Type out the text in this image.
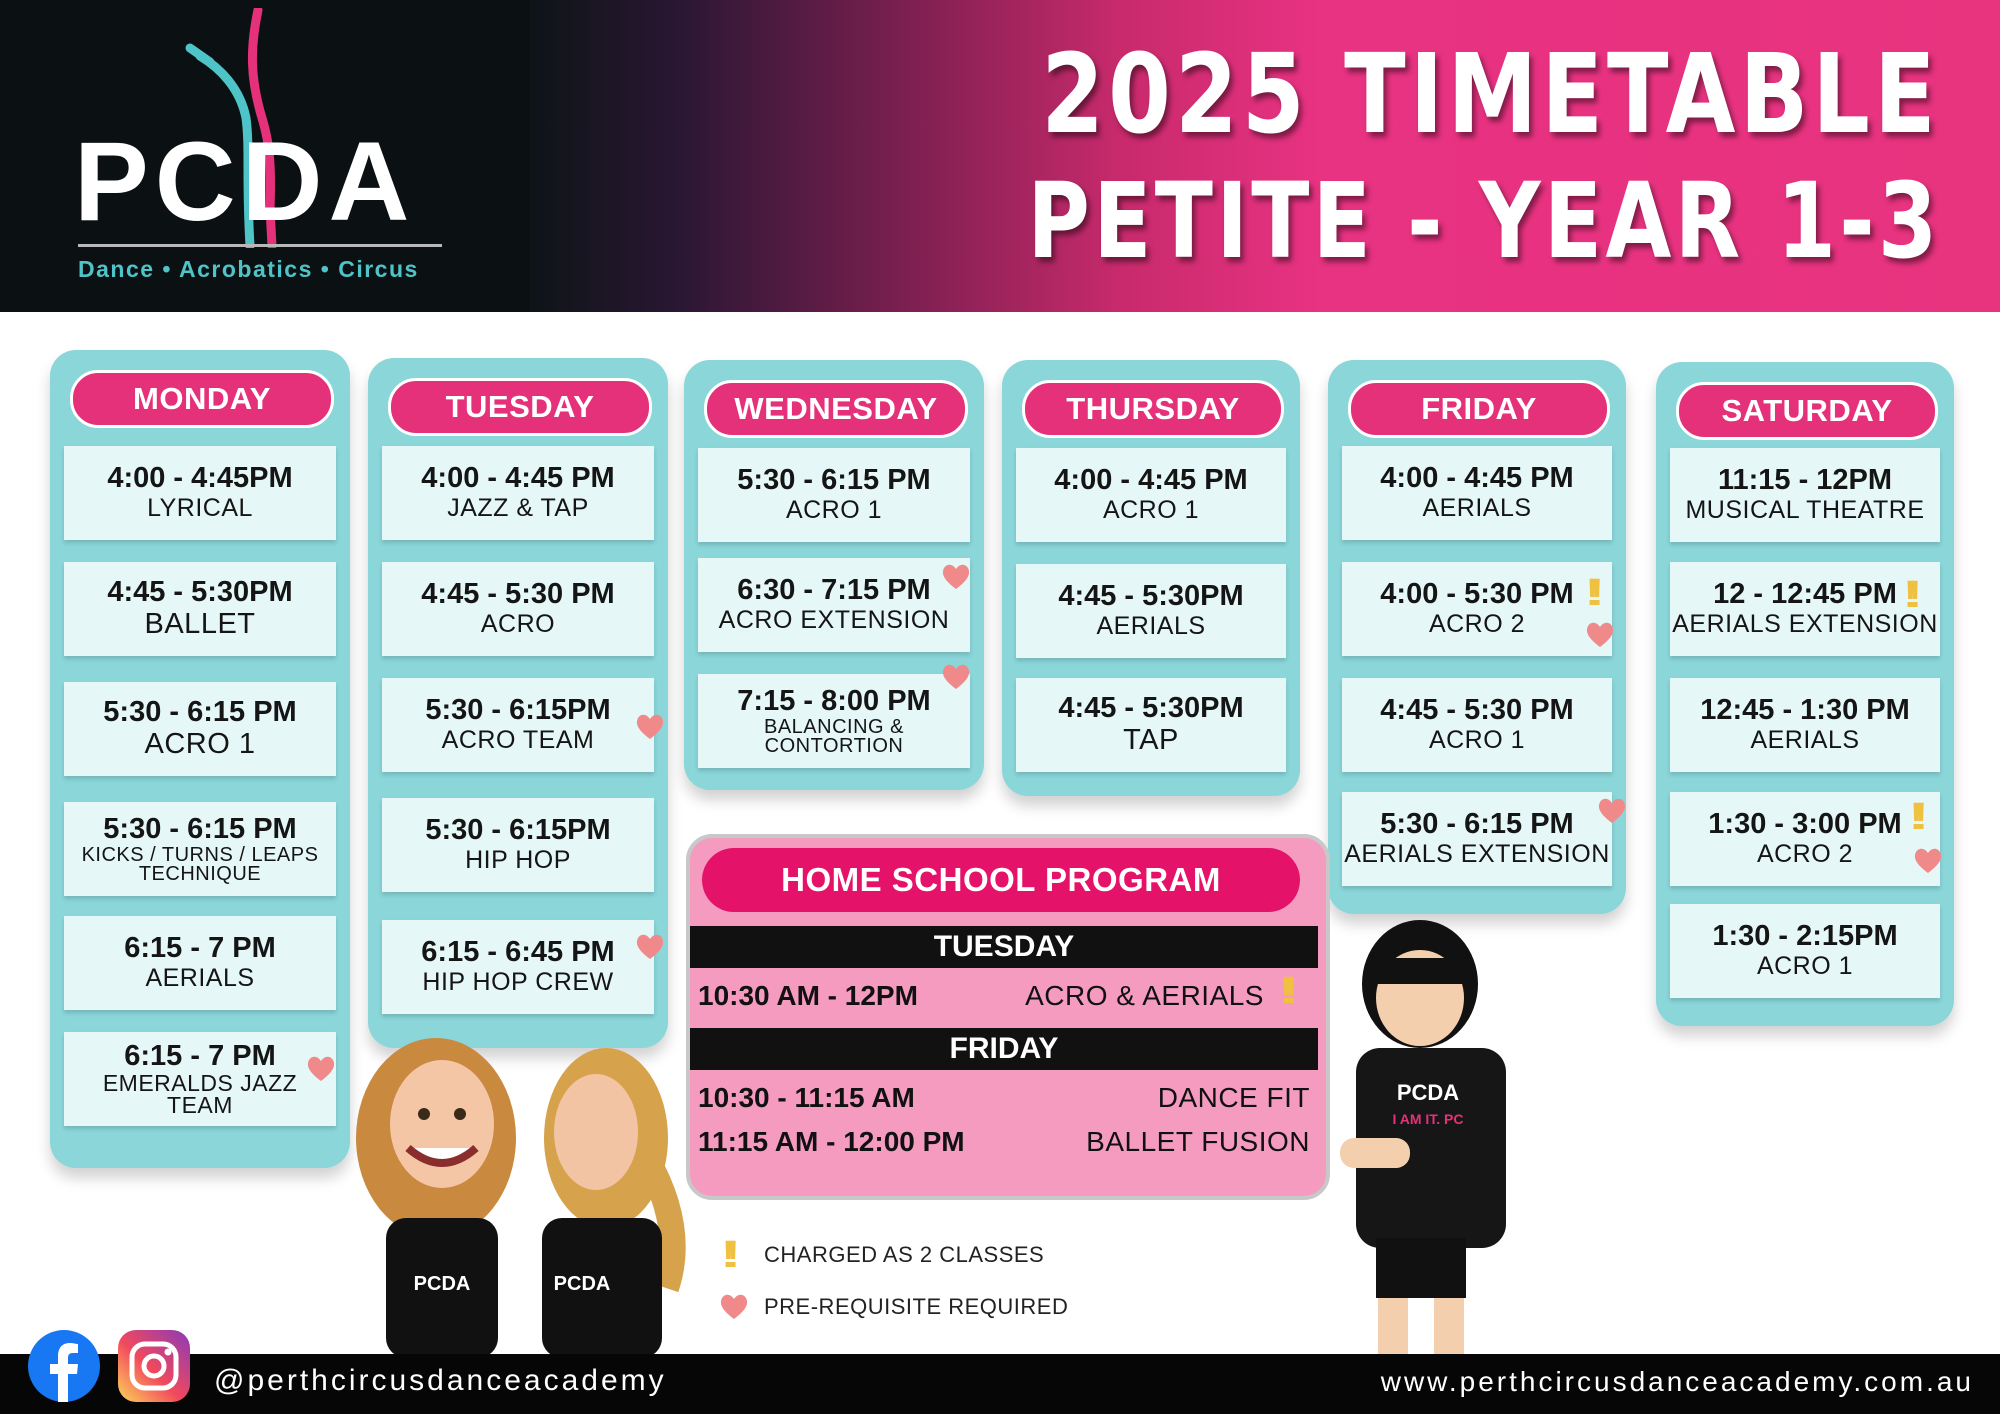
PCDA
Dance • Acrobatics • Circus
2025 TIMETABLE
PETITE - YEAR 1-3
MONDAY
4:00 - 4:45PM
LYRICAL
4:45 - 5:30PM
BALLET
5:30 - 6:15 PM
ACRO 1
5:30 - 6:15 PM
KICKS / TURNS / LEAPS TECHNIQUE
6:15 - 7 PM
AERIALS
6:15 - 7 PM
EMERALDS JAZZ TEAM
TUESDAY
4:00 - 4:45 PM
JAZZ & TAP
4:45 - 5:30 PM
ACRO
5:30 - 6:15PM
ACRO TEAM
5:30 - 6:15PM
HIP HOP
6:15 - 6:45 PM
HIP HOP CREW
WEDNESDAY
5:30 - 6:15 PM
ACRO 1
6:30 - 7:15 PM
ACRO EXTENSION
7:15 - 8:00 PM
BALANCING & CONTORTION
THURSDAY
4:00 - 4:45 PM
ACRO 1
4:45 - 5:30PM
AERIALS
4:45 - 5:30PM
TAP
FRIDAY
4:00 - 4:45 PM
AERIALS
4:00 - 5:30 PM
ACRO 2
!!
4:45 - 5:30 PM
ACRO 1
5:30 - 6:15 PM
AERIALS EXTENSION
SATURDAY
11:15 - 12PM
MUSICAL THEATRE
12 - 12:45 PM
AERIALS EXTENSION
!!
12:45 - 1:30 PM
AERIALS
1:30 - 3:00 PM
ACRO 2
!!
1:30 - 2:15PM
ACRO 1
HOME SCHOOL PROGRAM
TUESDAY
10:30 AM - 12PM	ACRO & AERIALS !!
FRIDAY
10:30 - 11:15 AM	DANCE FIT
11:15 AM - 12:00 PM	BALLET FUSION
PCDA	PCDA
PCDA
I AM IT. PC
!!	CHARGED AS 2 CLASSES
PRE-REQUISITE REQUIRED
@perthcircusdanceacademy	www.perthcircusdanceacademy.com.au
